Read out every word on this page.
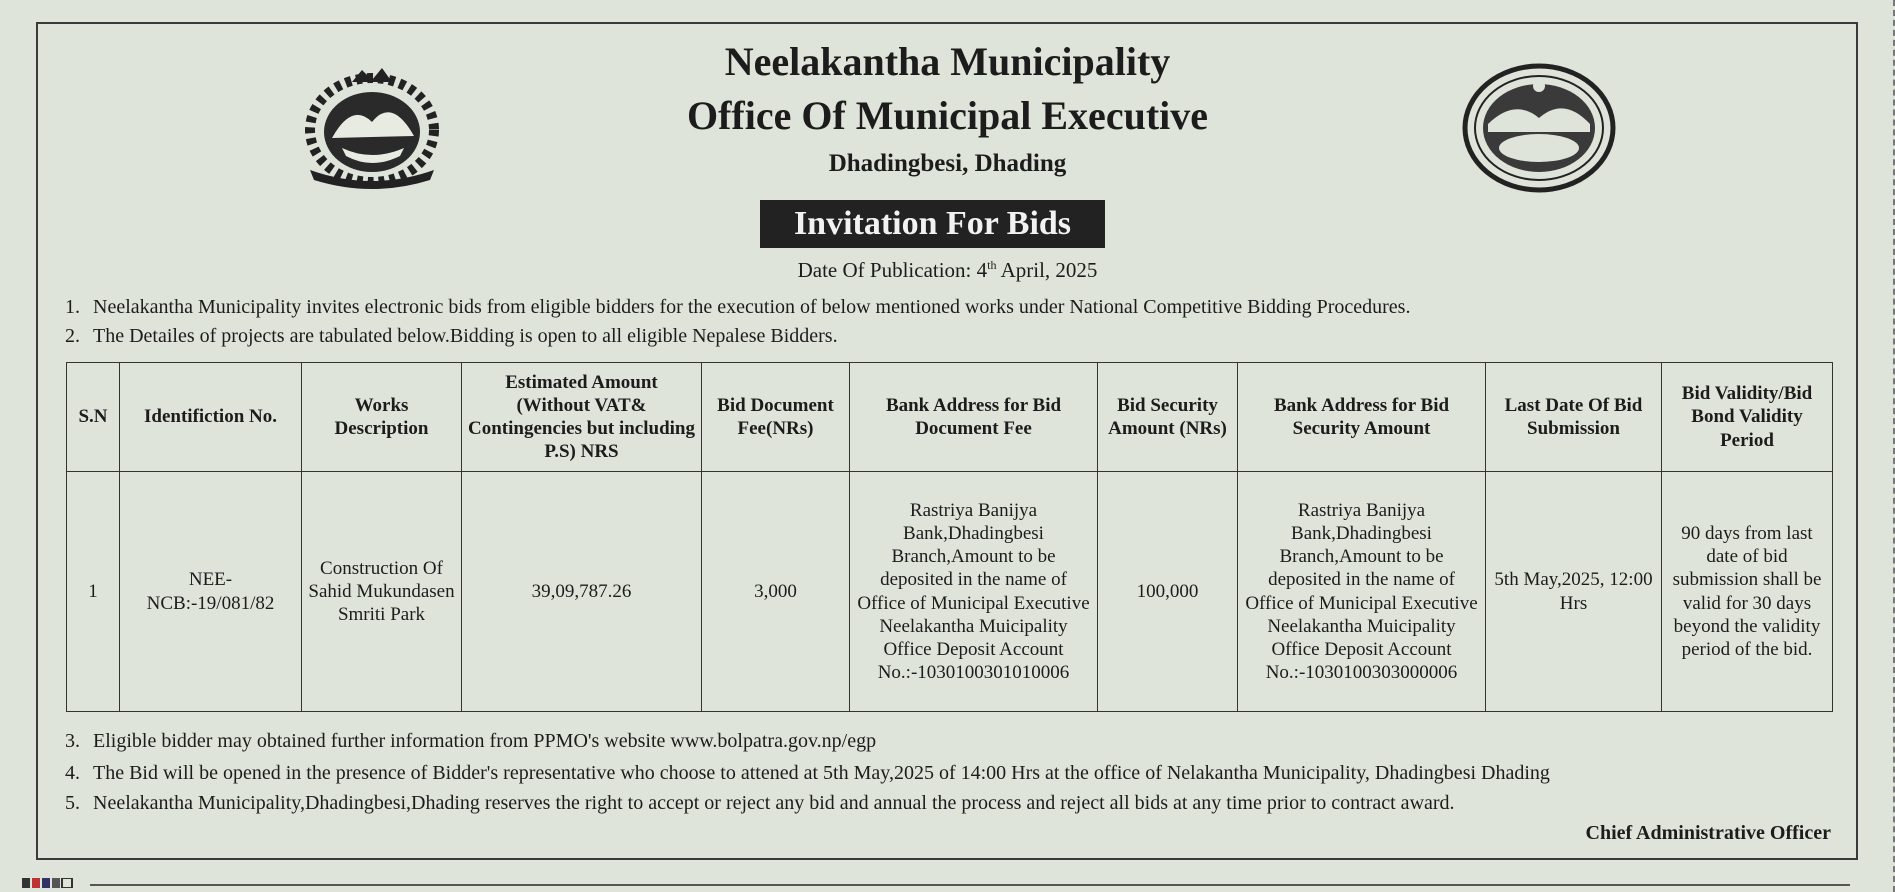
Neelakantha Municipality
Office Of Municipal Executive
Dhadingbesi, Dhading
Invitation For Bids
Date Of Publication: 4th April, 2025
1. Neelakantha Municipality invites electronic bids from eligible bidders for the execution of below mentioned works under National Competitive Bidding Procedures.
2. The Detailes of projects are tabulated below.Bidding is open to all eligible Nepalese Bidders.
S.N	Identifiction No.	Works Description	Estimated Amount (Without VAT& Contingencies but including P.S) NRS	Bid Document Fee(NRs)	Bank Address for Bid Document Fee	Bid Security Amount (NRs)	Bank Address for Bid Security Amount	Last Date Of Bid Submission	Bid Validity/Bid Bond Validity Period
1	NEE-NCB:-19/081/82	Construction Of Sahid Mukundasen Smriti Park	39,09,787.26	3,000	Rastriya Banijya Bank,Dhadingbesi Branch,Amount to be deposited in the name of Office of Municipal Executive Neelakantha Muicipality Office Deposit Account No.:-1030100301010006	100,000	Rastriya Banijya Bank,Dhadingbesi Branch,Amount to be deposited in the name of Office of Municipal Executive Neelakantha Muicipality Office Deposit Account No.:-1030100303000006	5th May,2025, 12:00 Hrs	90 days from last date of bid submission shall be valid for 30 days beyond the validity period of the bid.
3. Eligible bidder may obtained further information from PPMO's website www.bolpatra.gov.np/egp
4. The Bid will be opened in the presence of Bidder's representative who choose to attened at 5th May,2025 of 14:00 Hrs at the office of Nelakantha Municipality, Dhadingbesi Dhading
5. Neelakantha Municipality,Dhadingbesi,Dhading reserves the right to accept or reject any bid and annual the process and reject all bids at any time prior to contract award.
Chief Administrative Officer
